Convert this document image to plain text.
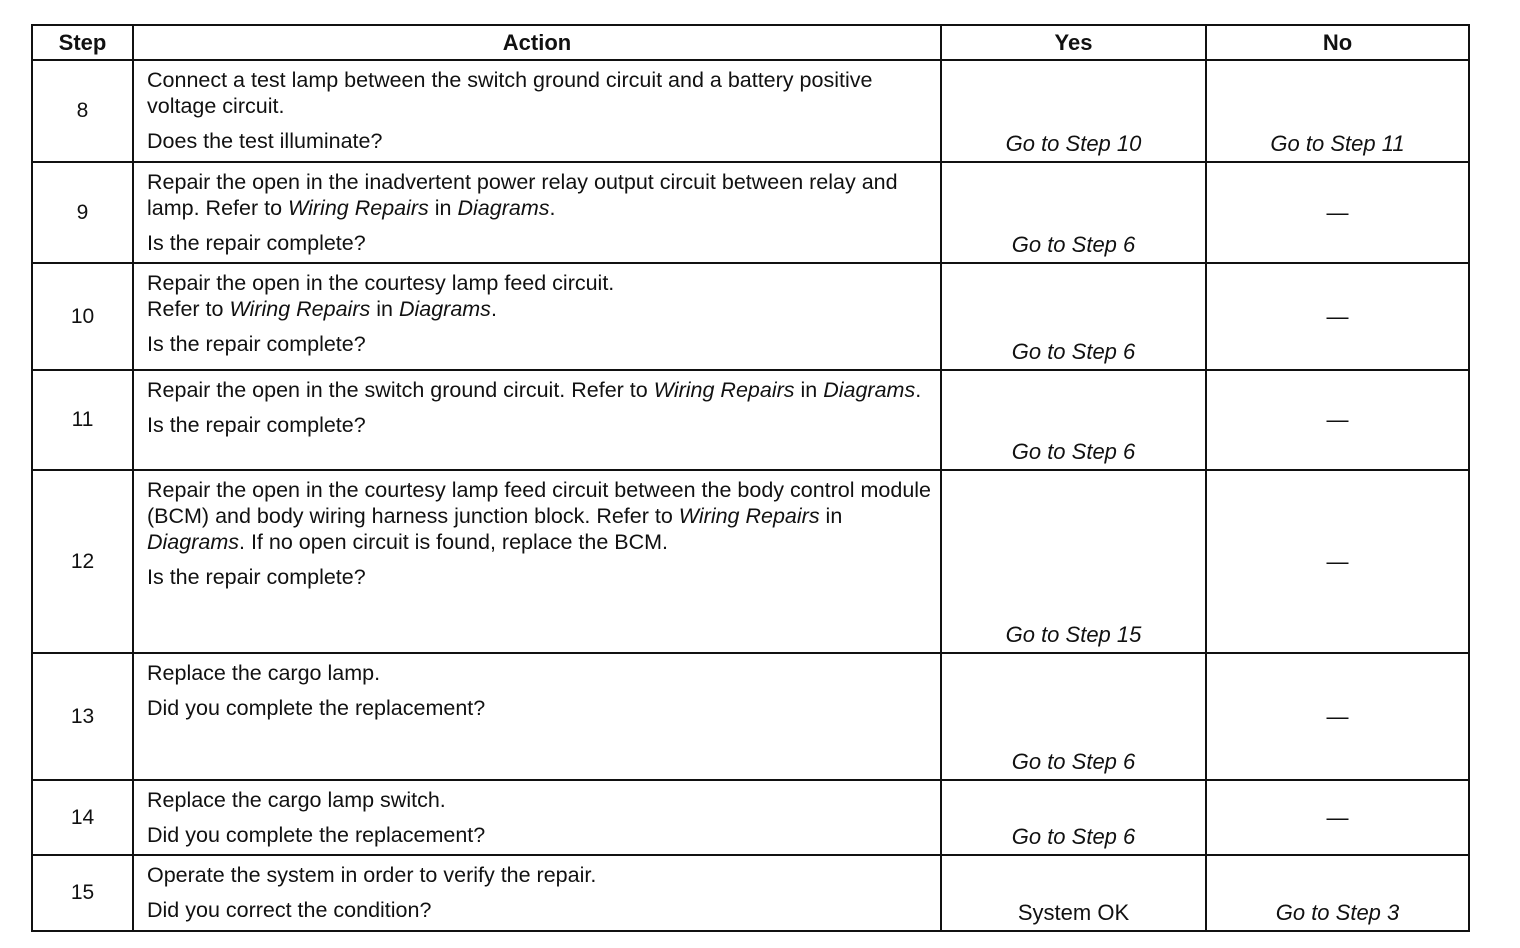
Step	Action	Yes	No
8	Connect a test lamp between the switch ground circuit and a battery positive voltage circuit.

Does the test illuminate?	Go to Step 10	Go to Step 11
9	Repair the open in the inadvertent power relay output circuit between relay and lamp. Refer to Wiring Repairs in Diagrams.

Is the repair complete?	Go to Step 6	—
10	Repair the open in the courtesy lamp feed circuit.
Refer to Wiring Repairs in Diagrams.

Is the repair complete?	Go to Step 6	—
11	Repair the open in the switch ground circuit. Refer to Wiring Repairs in Diagrams.

Is the repair complete?	Go to Step 6	—
12	Repair the open in the courtesy lamp feed circuit between the body control module (BCM) and body wiring harness junction block. Refer to Wiring Repairs in Diagrams. If no open circuit is found, replace the BCM.

Is the repair complete?	Go to Step 15	—
13	Replace the cargo lamp.

Did you complete the replacement?	Go to Step 6	—
14	Replace the cargo lamp switch.

Did you complete the replacement?	Go to Step 6	—
15	Operate the system in order to verify the repair.

Did you correct the condition?	System OK	Go to Step 3
